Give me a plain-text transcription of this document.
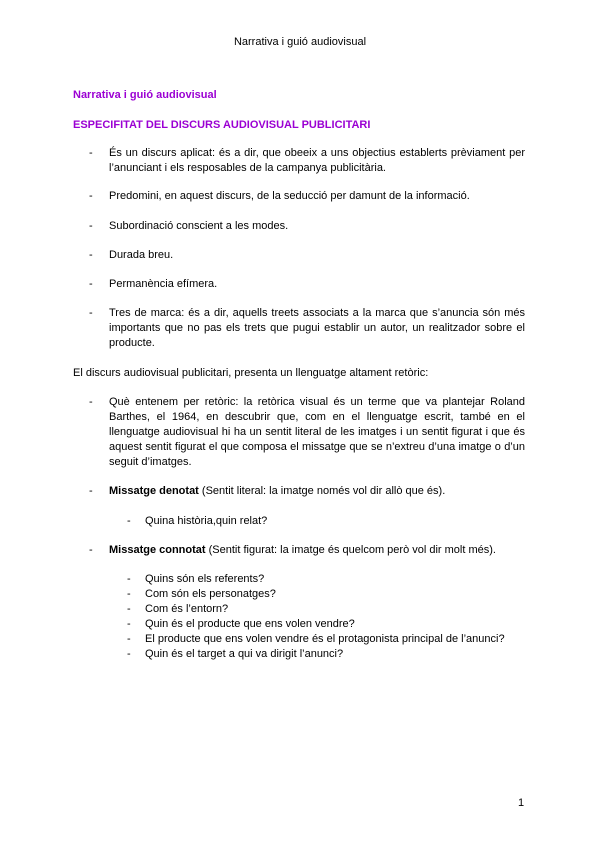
Narrativa i guió audiovisual
Narrativa i guió audiovisual
ESPECIFITAT DEL DISCURS AUDIOVISUAL PUBLICITARI
- És un discurs aplicat: és a dir, que obeeix a uns objectius establerts prèviament per l’anunciant i els resposables de la campanya publicitària.
- Predomini, en aquest discurs, de la seducció per damunt de la informació.
- Subordinació conscient a les modes.
- Durada breu.
- Permanència efímera.
- Tres de marca: és a dir, aquells treets associats a la marca que s’anuncia són més importants que no pas els trets que pugui establir un autor, un realitzador sobre el producte.
El discurs audiovisual publicitari, presenta un llenguatge altament retòric:
- Què entenem per retòric: la retòrica visual és un terme que va plantejar Roland Barthes, el 1964, en descubrir que, com en el llenguatge escrit, també en el llenguatge audiovisual hi ha un sentit literal de les imatges i un sentit figurat i que és aquest sentit figurat el que composa el missatge que se n’extreu d’una imatge o d’un seguit d’imatges.
- Missatge denotat (Sentit literal: la imatge només vol dir allò que és).
- Quina història,quin relat?
- Missatge connotat (Sentit figurat: la imatge és quelcom però vol dir molt més).
- Quins són els referents?
- Com són els personatges?
- Com és l’entorn?
- Quin és el producte que ens volen vendre?
- El producte que ens volen vendre és el protagonista principal de l’anunci?
- Quin és el target a qui va dirigit l’anunci?
1
